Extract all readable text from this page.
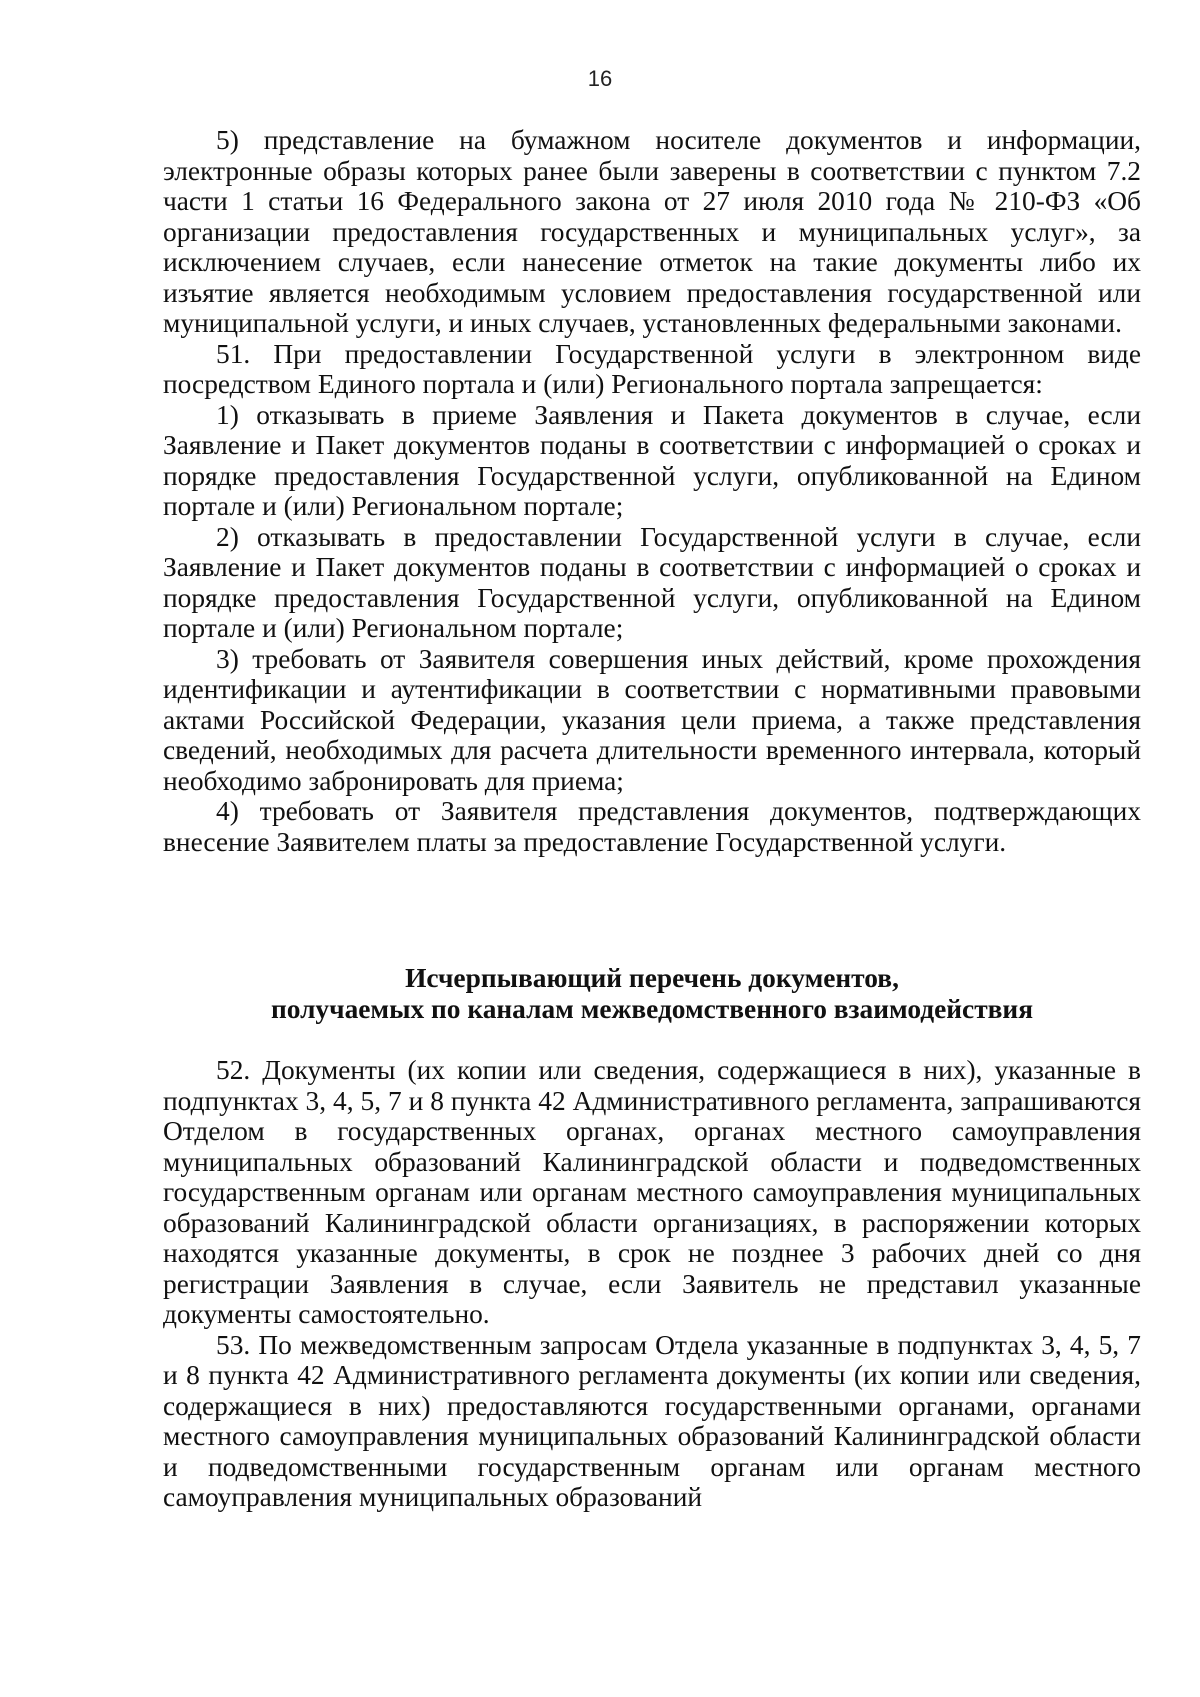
16

5) представление на бумажном носителе документов и информации, электронные образы которых ранее были заверены в соответствии с пунктом 7.2 части 1 статьи 16 Федерального закона от 27 июля 2010 года № 210-ФЗ «Об организации предоставления государственных и муниципальных услуг», за исключением случаев, если нанесение отметок на такие документы либо их изъятие является необходимым условием предоставления государственной или муниципальной услуги, и иных случаев, установленных федеральными законами.

51. При предоставлении Государственной услуги в электронном виде посредством Единого портала и (или) Регионального портала запрещается:

1) отказывать в приеме Заявления и Пакета документов в случае, если Заявление и Пакет документов поданы в соответствии с информацией о сроках и порядке предоставления Государственной услуги, опубликованной на Едином портале и (или) Региональном портале;

2) отказывать в предоставлении Государственной услуги в случае, если Заявление и Пакет документов поданы в соответствии с информацией о сроках и порядке предоставления Государственной услуги, опубликованной на Едином портале и (или) Региональном портале;

3) требовать от Заявителя совершения иных действий, кроме прохождения идентификации и аутентификации в соответствии с нормативными правовыми актами Российской Федерации, указания цели приема, а также представления сведений, необходимых для расчета длительности временного интервала, который необходимо забронировать для приема;

4) требовать от Заявителя представления документов, подтверждающих внесение Заявителем платы за предоставление Государственной услуги.

Исчерпывающий перечень документов,
получаемых по каналам межведомственного взаимодействия

52. Документы (их копии или сведения, содержащиеся в них), указанные в подпунктах 3, 4, 5, 7 и 8 пункта 42 Административного регламента, запрашиваются Отделом в государственных органах, органах местного самоуправления муниципальных образований Калининградской области и подведомственных государственным органам или органам местного самоуправления муниципальных образований Калининградской области организациях, в распоряжении которых находятся указанные документы, в срок не позднее 3 рабочих дней со дня регистрации Заявления в случае, если Заявитель не представил указанные документы самостоятельно.

53. По межведомственным запросам Отдела указанные в подпунктах 3, 4, 5, 7 и 8 пункта 42 Административного регламента документы (их копии или сведения, содержащиеся в них) предоставляются государственными органами, органами местного самоуправления муниципальных образований Калининградской области и подведомственными государственным органам или органам местного самоуправления муниципальных образований
